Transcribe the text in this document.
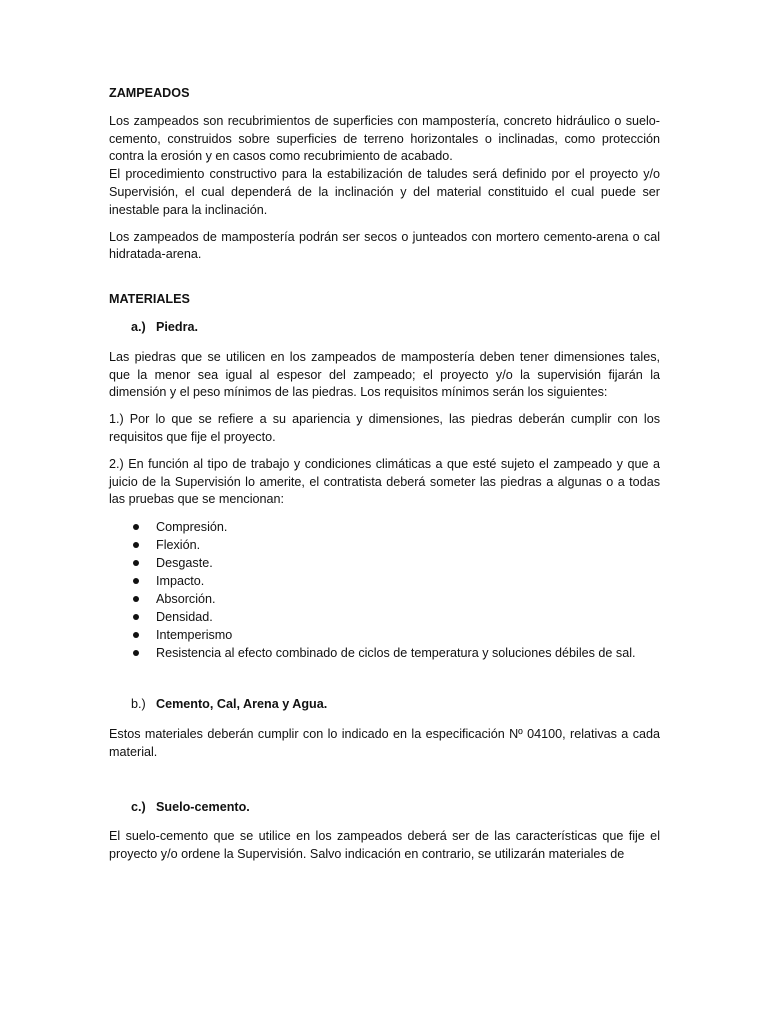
ZAMPEADOS

Los zampeados son recubrimientos de superficies con mampostería, concreto hidráulico o suelo- cemento, construidos sobre superficies de terreno horizontales o inclinadas, como protección contra la erosión y en casos como recubrimiento de acabado.

El procedimiento constructivo para la estabilización de taludes será definido por el proyecto y/o Supervisión, el cual dependerá de la inclinación y del material constituido el cual puede ser inestable para la inclinación.

Los zampeados de mampostería podrán ser secos o junteados con mortero cemento-arena o cal hidratada-arena.

MATERIALES
a.) Piedra.

Las piedras que se utilicen en los zampeados de mampostería deben tener dimensiones tales, que la menor sea igual al espesor del zampeado; el proyecto y/o la supervisión fijarán la dimensión y el peso mínimos de las piedras. Los requisitos mínimos serán los siguientes:

1.) Por lo que se refiere a su apariencia y dimensiones, las piedras deberán cumplir con los requisitos que fije el proyecto.

2.) En función al tipo de trabajo y condiciones climáticas a que esté sujeto el zampeado y que a juicio de la Supervisión lo amerite, el contratista deberá someter las piedras a algunas o a todas las pruebas que se mencionan:

Compresión.
Flexión.
Desgaste.
Impacto.
Absorción.
Densidad.
Intemperismo
Resistencia al efecto combinado de ciclos de temperatura y soluciones débiles de sal.
b.) Cemento, Cal, Arena y Agua.

Estos materiales deberán cumplir con lo indicado en la especificación Nº 04100, relativas a cada material.

c.) Suelo-cemento.

El suelo-cemento que se utilice en los zampeados deberá ser de las características que fije el proyecto y/o ordene la Supervisión. Salvo indicación en contrario, se utilizarán materiales de
